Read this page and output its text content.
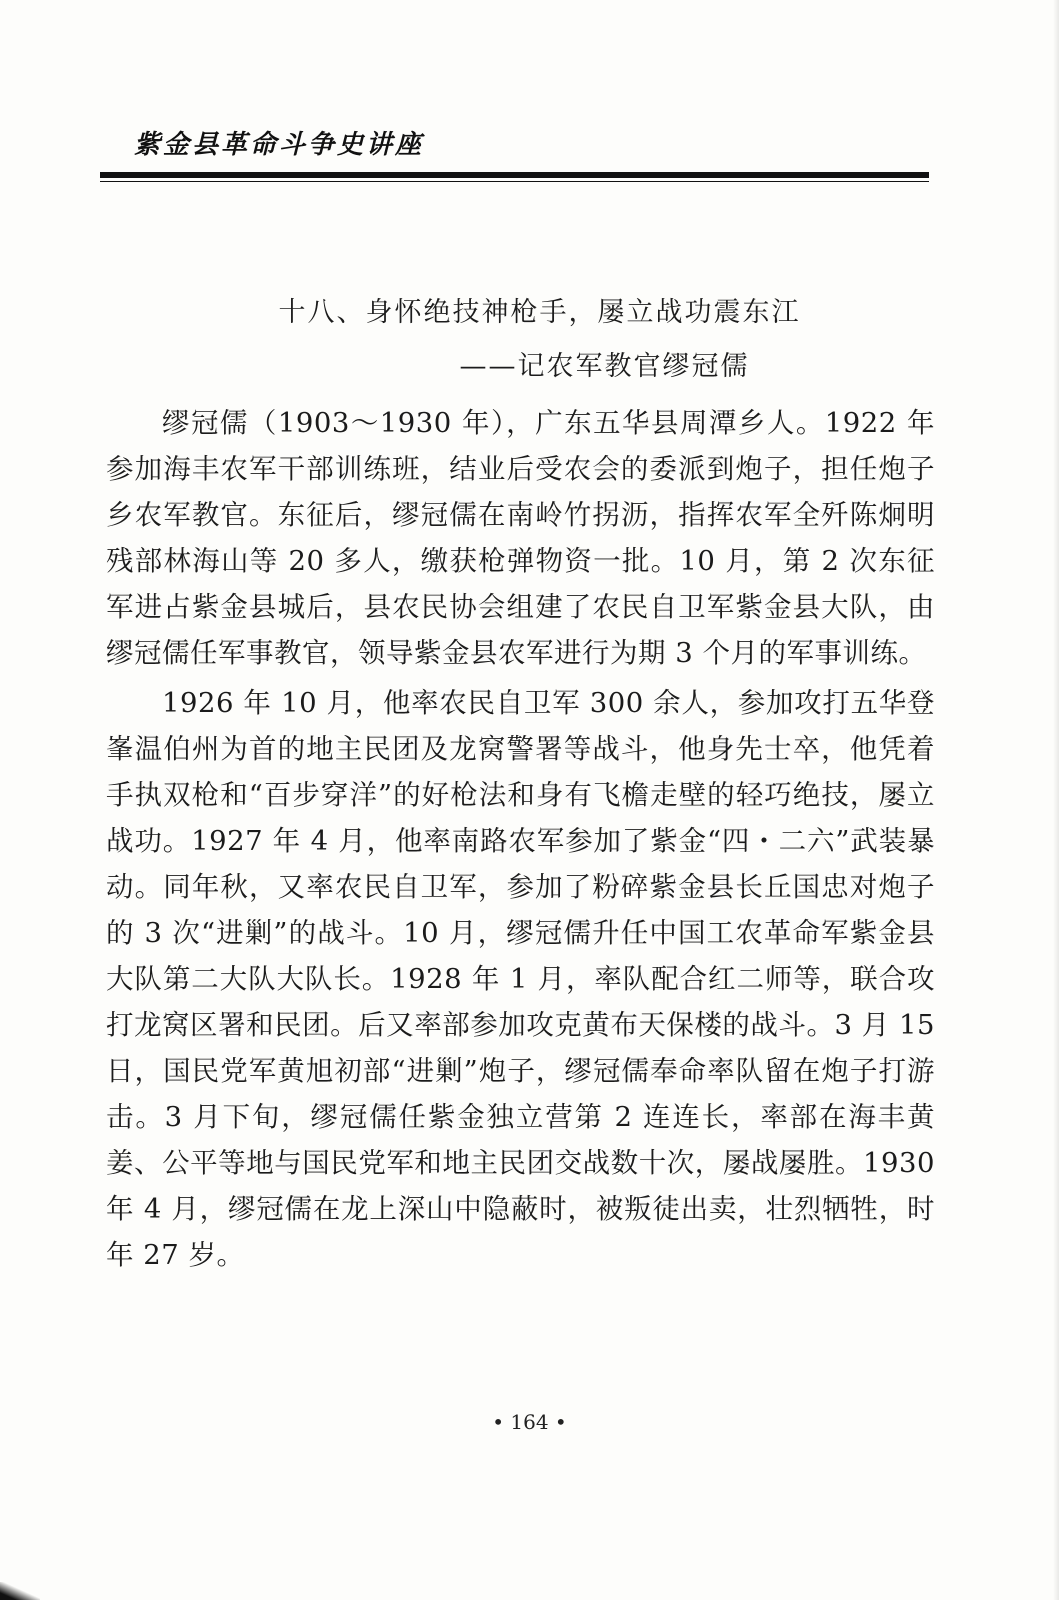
紫金县革命斗争史讲座
十八、身怀绝技神枪手，屡立战功震东江
——记农军教官缪冠儒

缪冠儒（1903～1930 年），广东五华县周潭乡人。1922 年参加海丰农军干部训练班，结业后受农会的委派到炮子，担任炮子乡农军教官。东征后，缪冠儒在南岭竹拐沥，指挥农军全歼陈炯明残部林海山等 20 多人，缴获枪弹物资一批。10 月，第 2 次东征军进占紫金县城后，县农民协会组建了农民自卫军紫金县大队，由缪冠儒任军事教官，领导紫金县农军进行为期 3 个月的军事训练。

1926 年 10 月，他率农民自卫军 300 余人，参加攻打五华登峯温伯州为首的地主民团及龙窝警署等战斗，他身先士卒，他凭着手执双枪和“百步穿洋”的好枪法和身有飞檐走壁的轻巧绝技，屡立战功。1927 年 4 月，他率南路农军参加了紫金“四・二六”武装暴动。同年秋，又率农民自卫军，参加了粉碎紫金县长丘国忠对炮子的 3 次“进剿”的战斗。10 月，缪冠儒升任中国工农革命军紫金县大队第二大队大队长。1928 年 1 月，率队配合红二师等，联合攻打龙窝区署和民团。后又率部参加攻克黄布天保楼的战斗。3 月 15 日，国民党军黄旭初部“进剿”炮子，缪冠儒奉命率队留在炮子打游击。3 月下旬，缪冠儒任紫金独立营第 2 连连长，率部在海丰黄姜、公平等地与国民党军和地主民团交战数十次，屡战屡胜。1930 年 4 月，缪冠儒在龙上深山中隐蔽时，被叛徒出卖，壮烈牺牲，时年 27 岁。

• 164 •
